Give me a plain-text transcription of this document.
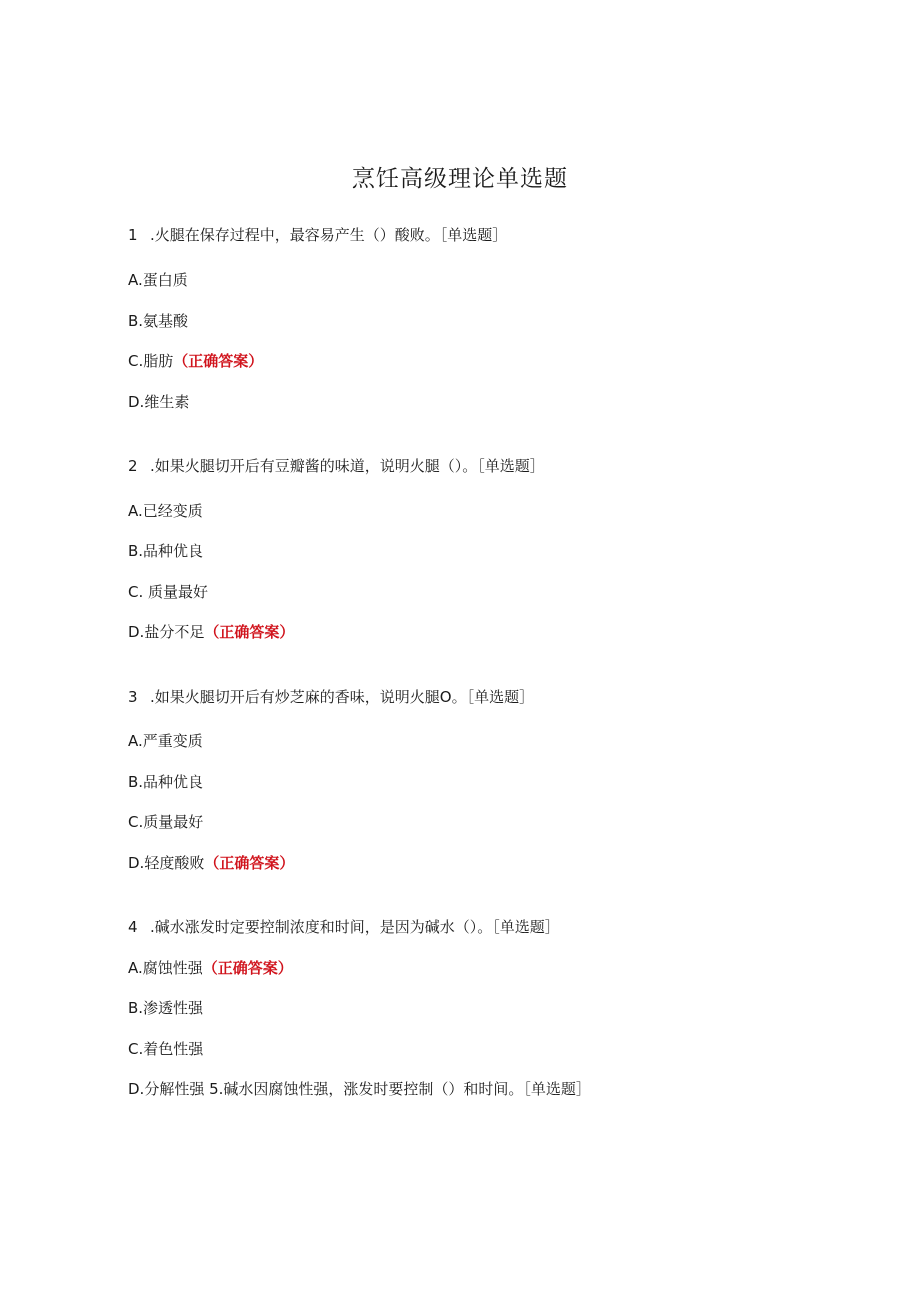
烹饪高级理论单选题
1 .火腿在保存过程中，最容易产生（）酸败。［单选题］
A.蛋白质
B.氨基酸
C.脂肪（正确答案）
D.维生素
2 .如果火腿切开后有豆瓣酱的味道，说明火腿（）。［单选题］
A.已经变质
B.品种优良
C. 质量最好
D.盐分不足（正确答案）
3 .如果火腿切开后有炒芝麻的香味，说明火腿O。［单选题］
A.严重变质
B.品种优良
C.质量最好
D.轻度酸败（正确答案）
4 .碱水涨发时定要控制浓度和时间，是因为碱水（）。［单选题］
A.腐蚀性强（正确答案）
B.渗透性强
C.着色性强
D.分解性强 5.碱水因腐蚀性强，涨发时要控制（）和时间。［单选题］
